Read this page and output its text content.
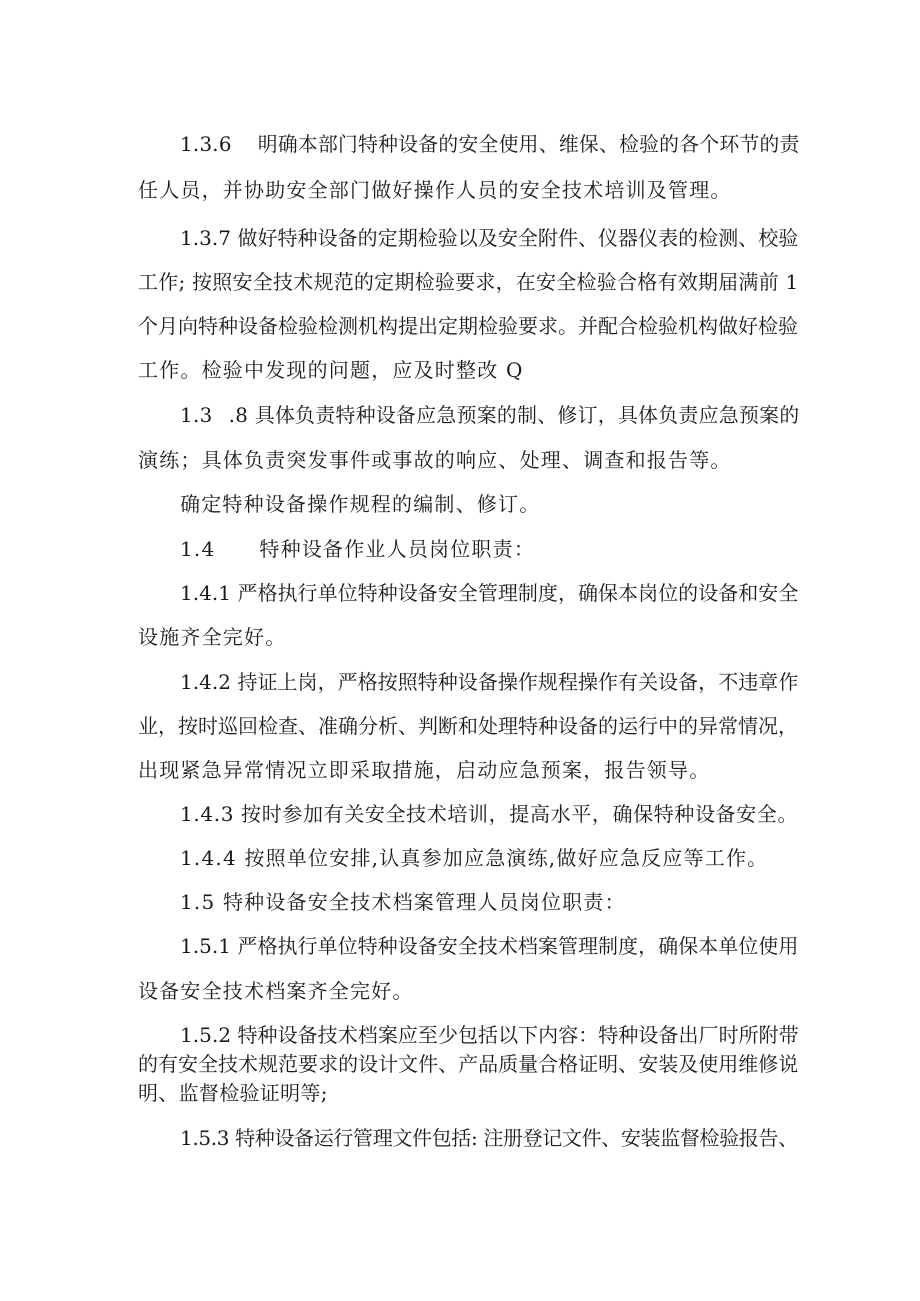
1.3.6 明确本部门特种设备的安全使用、维保、检验的各个环节的责
任人员，并协助安全部门做好操作人员的安全技术培训及管理。
1.3.7 做好特种设备的定期检验以及安全附件、仪器仪表的检测、校验
工作; 按照安全技术规范的定期检验要求，在安全检验合格有效期届满前 1
个月向特种设备检验检测机构提出定期检验要求。并配合检验机构做好检验
工作。检验中发现的问题，应及时整改 Q
1.3 .8 具体负责特种设备应急预案的制、修订，具体负责应急预案的
演练；具体负责突发事件或事故的响应、处理、调查和报告等。
确定特种设备操作规程的编制、修订。
1.4 特种设备作业人员岗位职责：
1.4.1 严格执行单位特种设备安全管理制度，确保本岗位的设备和安全
设施齐全完好。
1.4.2 持证上岗，严格按照特种设备操作规程操作有关设备，不违章作
业，按时巡回检查、准确分析、判断和处理特种设备的运行中的异常情况，
出现紧急异常情况立即采取措施，启动应急预案，报告领导。
1.4.3 按时参加有关安全技术培训，提高水平，确保特种设备安全。
1.4.4 按照单位安排,认真参加应急演练,做好应急反应等工作。
1.5 特种设备安全技术档案管理人员岗位职责：
1.5.1 严格执行单位特种设备安全技术档案管理制度，确保本单位使用
设备安全技术档案齐全完好。
1.5.2 特种设备技术档案应至少包括以下内容：特种设备出厂时所附带
的有安全技术规范要求的设计文件、产品质量合格证明、安装及使用维修说
明、监督检验证明等;
1.5.3 特种设备运行管理文件包括: 注册登记文件、安装监督检验报告、
